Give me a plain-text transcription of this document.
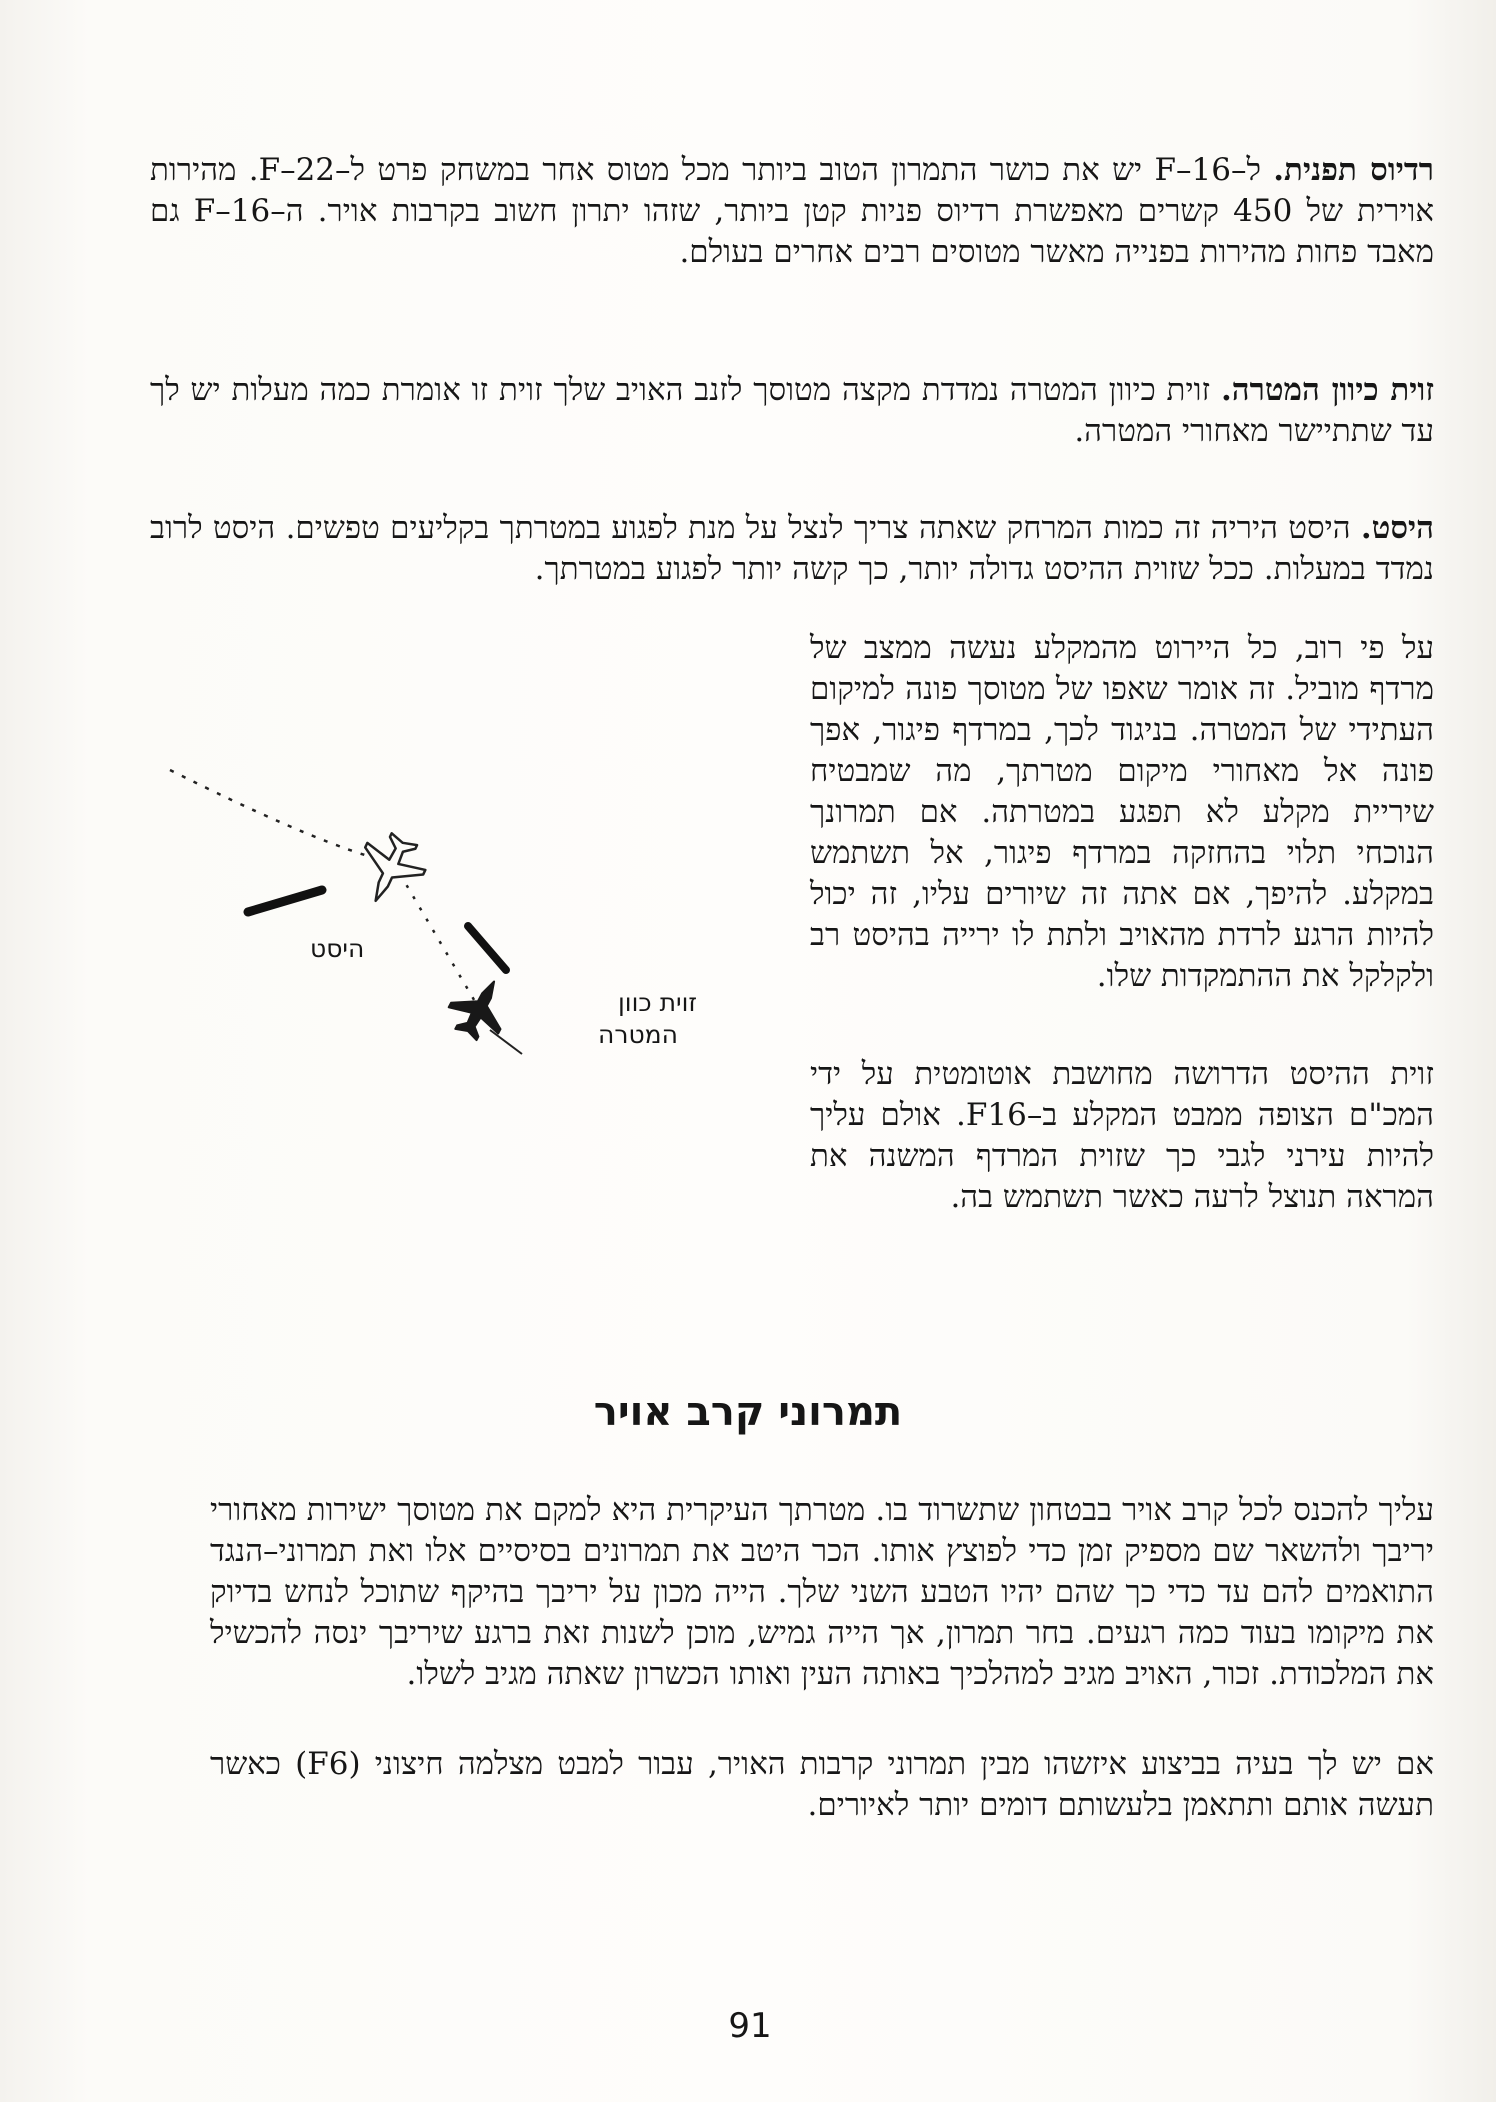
רדיוס תפנית. ל–F–16 יש את כושר התמרון הטוב ביותר מכל מטוס אחר במשחק פרט ל–F–22. מהירות אוירית של 450 קשרים מאפשרת רדיוס פניות קטן ביותר, שזהו יתרון חשוב בקרבות אויר. ה–F–16 גם מאבד פחות מהירות בפנייה מאשר מטוסים רבים אחרים בעולם.

זוית כיוון המטרה. זוית כיוון המטרה נמדדת מקצה מטוסך לזנב האויב שלך זוית זו אומרת כמה מעלות יש לך עד שתתיישר מאחורי המטרה.

היסט. היסט היריה זה כמות המרחק שאתה צריך לנצל על מנת לפגוע במטרתך בקליעים טפשים. היסט לרוב נמדד במעלות. ככל שזוית ההיסט גדולה יותר, כך קשה יותר לפגוע במטרתך.

על פי רוב, כל היירוט מהמקלע נעשה ממצב של מרדף מוביל. זה אומר שאפו של מטוסך פונה למיקום העתידי של המטרה. בניגוד לכך, במרדף פיגור, אפך פונה אל מאחורי מיקום מטרתך, מה שמבטיח שיריית מקלע לא תפגע במטרתה. אם תמרונך הנוכחי תלוי בהחזקה במרדף פיגור, אל תשתמש במקלע. להיפך, אם אתה זה שיורים עליו, זה יכול להיות הרגע לרדת מהאויב ולתת לו ירייה בהיסט רב ולקלקל את ההתמקדות שלו.

זוית ההיסט הדרושה מחושבת אוטומטית על ידי המכ"ם הצופה ממבט המקלע ב–F16. אולם עליך להיות עירני לגבי כך שזוית המרדף המשנה את המראה תנוצל לרעה כאשר תשתמש בה.

היסט
זוית כוון
המטרה
תמרוני קרב אויר

עליך להכנס לכל קרב אויר בבטחון שתשרוד בו. מטרתך העיקרית היא למקם את מטוסך ישירות מאחורי יריבך ולהשאר שם מספיק זמן כדי לפוצץ אותו. הכר היטב את תמרונים בסיסיים אלו ואת תמרוני–הנגד התואמים להם עד כדי כך שהם יהיו הטבע השני שלך. הייה מכון על יריבך בהיקף שתוכל לנחש בדיוק את מיקומו בעוד כמה רגעים. בחר תמרון, אך הייה גמיש, מוכן לשנות זאת ברגע שיריבך ינסה להכשיל את המלכודת. זכור, האויב מגיב למהלכיך באותה העין ואותו הכשרון שאתה מגיב לשלו.

אם יש לך בעיה בביצוע איזשהו מבין תמרוני קרבות האויר, עבור למבט מצלמה חיצוני (F6) כאשר תעשה אותם ותתאמן בלעשותם דומים יותר לאיורים.

91
